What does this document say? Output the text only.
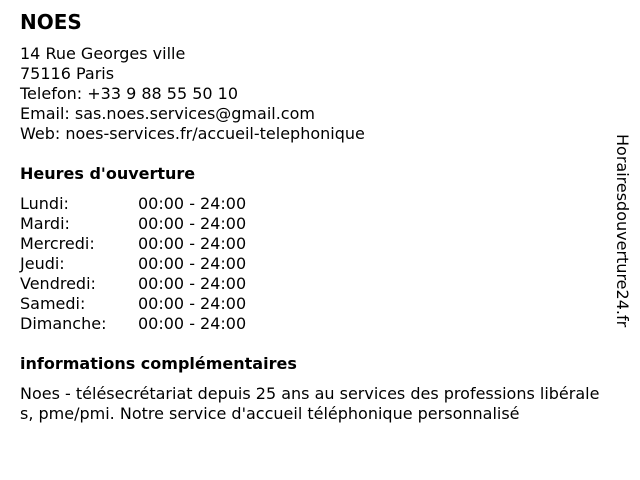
NOES
14 Rue Georges ville
75116 Paris
Telefon: +33 9 88 55 50 10
Email: sas.noes.services@gmail.com
Web: noes-services.fr/accueil-telephonique
Heures d'ouverture
Lundi:	00:00 - 24:00
Mardi:	00:00 - 24:00
Mercredi:	00:00 - 24:00
Jeudi:	00:00 - 24:00
Vendredi:	00:00 - 24:00
Samedi:	00:00 - 24:00
Dimanche: 00:00 - 24:00
informations complémentaires
Noes - télésecrétariat depuis 25 ans au services des professions libérales, pme/pmi. Notre service d'accueil téléphonique personnalisé
Horairesdouverture24.fr
